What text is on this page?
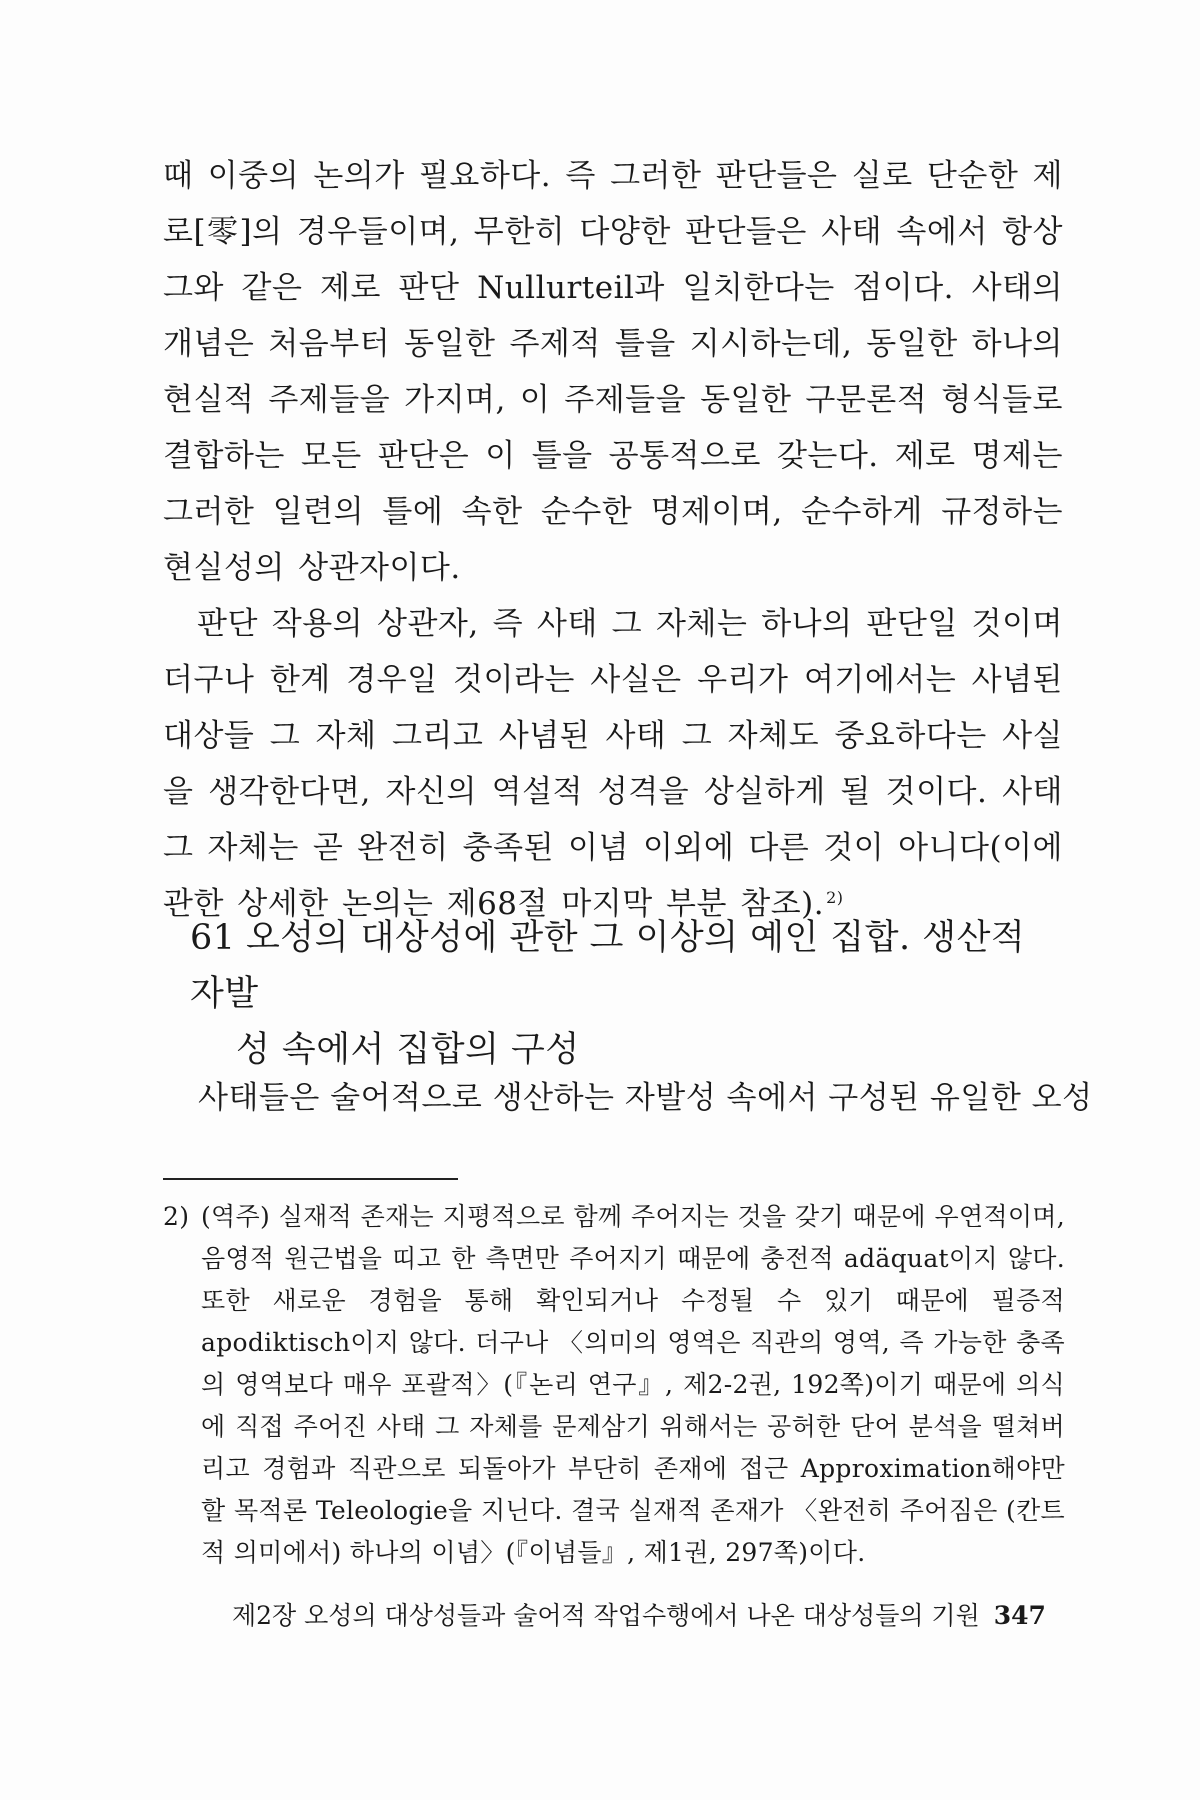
때 이중의 논의가 필요하다. 즉 그러한 판단들은 실로 단순한 제로[零]의 경우들이며, 무한히 다양한 판단들은 사태 속에서 항상 그와 같은 제로 판단 Nullurteil과 일치한다는 점이다. 사태의 개념은 처음부터 동일한 주제적 틀을 지시하는데, 동일한 하나의 현실적 주제들을 가지며, 이 주제들을 동일한 구문론적 형식들로 결합하는 모든 판단은 이 틀을 공통적으로 갖는다. 제로 명제는 그러한 일련의 틀에 속한 순수한 명제이며, 순수하게 규정하는 현실성의 상관자이다.

판단 작용의 상관자, 즉 사태 그 자체는 하나의 판단일 것이며 더구나 한계 경우일 것이라는 사실은 우리가 여기에서는 사념된 대상들 그 자체 그리고 사념된 사태 그 자체도 중요하다는 사실을 생각한다면, 자신의 역설적 성격을 상실하게 될 것이다. 사태 그 자체는 곧 완전히 충족된 이념 이외에 다른 것이 아니다(이에 관한 상세한 논의는 제68절 마지막 부분 참조). $^{2)}$

61 오성의 대상성에 관한 그 이상의 예인 집합. 생산적 자발
성 속에서 집합의 구성
사태들은 술어적으로 생산하는 자발성 속에서 구성된 유일한 오성
2) (역주) 실재적 존재는 지평적으로 함께 주어지는 것을 갖기 때문에 우연적이며, 음영적 원근법을 띠고 한 측면만 주어지기 때문에 충전적 adäquat이지 않다. 또한 새로운 경험을 통해 확인되거나 수정될 수 있기 때문에 필증적 apodiktisch이지 않다. 더구나 〈의미의 영역은 직관의 영역, 즉 가능한 충족의 영역보다 매우 포괄적〉(『논리 연구』, 제2-2권, 192쪽)이기 때문에 의식에 직접 주어진 사태 그 자체를 문제삼기 위해서는 공허한 단어 분석을 떨쳐버리고 경험과 직관으로 되돌아가 부단히 존재에 접근 Approximation해야만 할 목적론 Teleologie을 지닌다. 결국 실재적 존재가 〈완전히 주어짐은 (칸트적 의미에서) 하나의 이념〉(『이념들』, 제1권, 297쪽)이다.
제2장 오성의 대상성들과 술어적 작업수행에서 나온 대상성들의 기원 347
